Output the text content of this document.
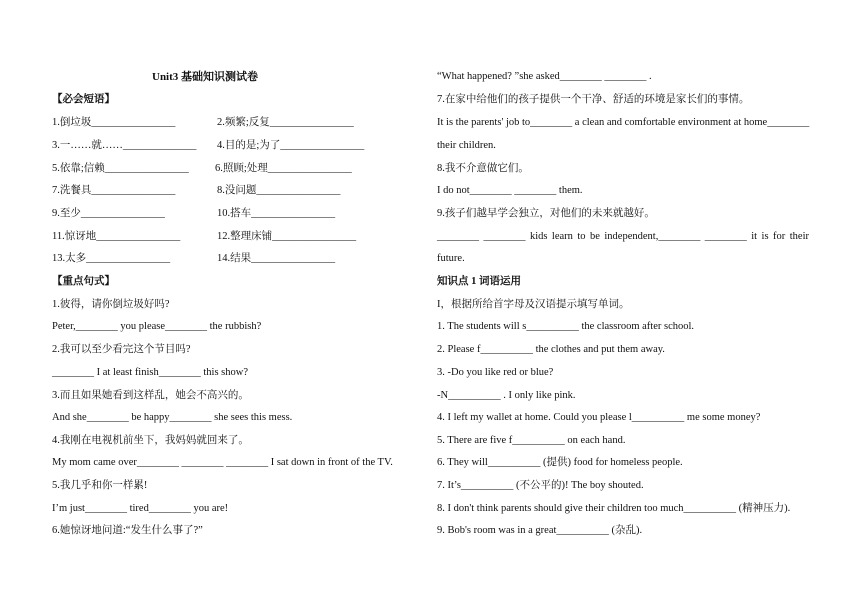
Unit3 基础知识测试卷
【必会短语】
1.倒垃圾________________	2.频繁;反复________________
3.一……就……______________ 4.目的是;为了________________
5.依靠;信赖________________ 6.照顾;处理________________
7.洗餐具________________	8.没问题________________
9.至少________________	10.搭车________________
11.惊讶地________________	12.整理床铺________________
13.太多________________	14.结果________________
【重点句式】
1.彼得，请你倒垃圾好吗?
Peter,________ you please________ the rubbish?
2.我可以至少看完这个节目吗?
________ I at least finish________ this show?
3.而且如果她看到这样乱，她会不高兴的。
And she________ be happy________ she sees this mess.
4.我刚在电视机前坐下，我妈妈就回来了。
My mom came over________ ________ ________ I sat down in front of the TV.
5.我几乎和你一样累!
I’m just________ tired________ you are!
6.她惊讶地问道:“发生什么事了?”
“What happened? ”she asked________ ________ .
7.在家中给他们的孩子提供一个干净、舒适的环境是家长们的事情。
It is the parents' job to________ a clean and comfortable environment at home________
their children.
8.我不介意做它们。
I do not________ ________ them.
9.孩子们越早学会独立，对他们的未来就越好。
________ ________ kids learn to be independent,________ ________ it is for their
future.
知识点 1 词语运用
I，根据所给首字母及汉语提示填写单词。
1. The students will s__________ the classroom after school.
2. Please f__________ the clothes and put them away.
3. -Do you like red or blue?
-N__________ . I only like pink.
4. I left my wallet at home. Could you please l__________ me some money?
5. There are five f__________ on each hand.
6. They will__________ (提供) food for homeless people.
7. It’s__________ (不公平的)! The boy shouted.
8. I don't think parents should give their children too much__________ (精神压力).
9. Bob's room was in a great__________ (杂乱).
